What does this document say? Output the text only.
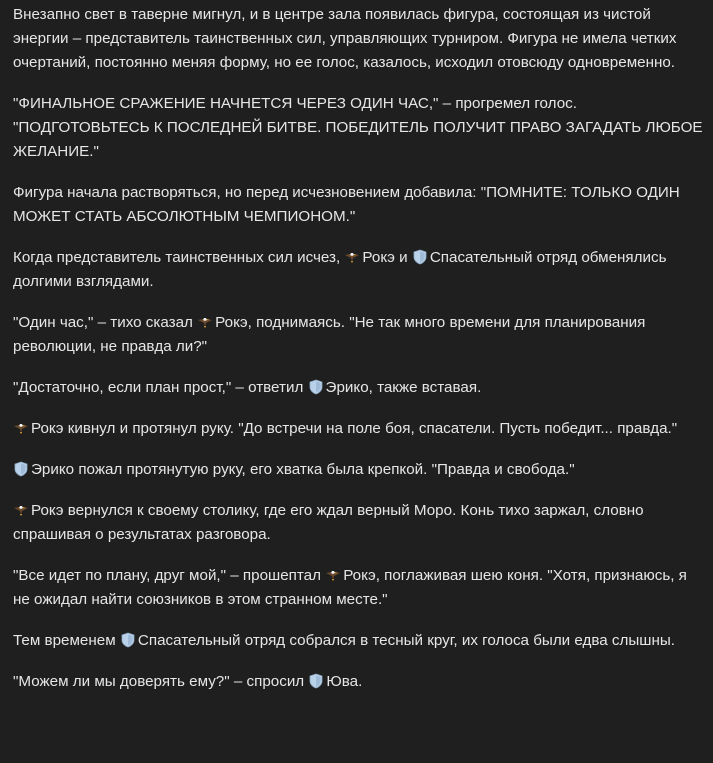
Внезапно свет в таверне мигнул, и в центре зала появилась фигура, состоящая из чистой энергии – представитель таинственных сил, управляющих турниром. Фигура не имела четких очертаний, постоянно меняя форму, но ее голос, казалось, исходил отовсюду одновременно.

"ФИНАЛЬНОЕ СРАЖЕНИЕ НАЧНЕТСЯ ЧЕРЕЗ ОДИН ЧАС," – прогремел голос. "ПОДГОТОВЬТЕСЬ К ПОСЛЕДНЕЙ БИТВЕ. ПОБЕДИТЕЛЬ ПОЛУЧИТ ПРАВО ЗАГАДАТЬ ЛЮБОЕ ЖЕЛАНИЕ."

Фигура начала растворяться, но перед исчезновением добавила: "ПОМНИТЕ: ТОЛЬКО ОДИН МОЖЕТ СТАТЬ АБСОЛЮТНЫМ ЧЕМПИОНОМ."

Когда представитель таинственных сил исчез,
Рокэ и
Спасательный отряд обменялись долгими взглядами.

"Один час," – тихо сказал
Рокэ, поднимаясь. "Не так много времени для планирования революции, не правда ли?"

"Достаточно, если план прост," – ответил
Эрико, также вставая.

Рокэ кивнул и протянул руку. "До встречи на поле боя, спасатели. Пусть победит... правда."

Эрико пожал протянутую руку, его хватка была крепкой. "Правда и свобода."

Рокэ вернулся к своему столику, где его ждал верный Моро. Конь тихо заржал, словно спрашивая о результатах разговора.

"Все идет по плану, друг мой," – прошептал
Рокэ, поглаживая шею коня. "Хотя, признаюсь, я не ожидал найти союзников в этом странном месте."

Тем временем
Спасательный отряд собрался в тесный круг, их голоса были едва слышны.

"Можем ли мы доверять ему?" – спросил
Юва.
